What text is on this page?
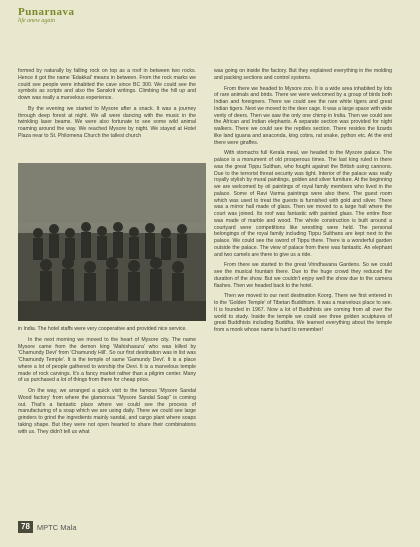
Punarnava
life anew again

formed by naturally by falling rock on top as a roof in between two rocks. Hence it got the name 'Edakkal' means in between. From the rock marks we could see people were inhabited the cave since BC 300. We could see the symbols as scripts and also the Sanskrit writings. Climbing the hill up and down was really a marvelous experience.

By the evening we started to Mysore after a snack. It was a journey through deep forest at night. We all were dancing with the music in the twinkling laser beams. We were also fortunate to see some wild animal roaming around the way. We reached Mysore by night. We stayed at Hotel Plaza near to St. Philomena Church the tallest church

in India. The hotel staffs were very cooperative and provided nice service.

In the next morning we moved to the heart of Mysore city. The name Mysore came from the demon king 'Mahishasura' who was killed by 'Chamundy Devi' from 'Chamundy Hill'. So our first destination was in list was 'Chamundy Temple'. It is the temple of same 'Gamundy Devi'. It is a place where a lot of people gathered to worship the Devi. It is a marvelous temple made of rock carvings. It's a fancy market rather than a pilgrim center. Many of us purchased a lot of things from there for cheap price.

On the way, we arranged a quick visit to the famous 'Mysore Sandal Wood factory' from where the glamorous "Mysore Sandal Soap" is coming out. That's a fantastic place where we could see the process of manufacturing of a soap which we are using daily. There we could see large grinders to grind the ingredients mainly sandal, and cargo plant where soaps taking shape. But they were not open hearted to share their combinations with us. They didn't tell us what

was going on inside the factory. But they explained everything in the molding and packing sections and control systems.

From there we headed to Mysore zoo. It is a wide area inhabited by lots of rare animals and birds. There we were welcomed by a group of birds both Indian and foreigners. There we could see the rare white tigers and great Indian tigers. Next we moved to the deer cage. It was a large space with wide verity of deers. Then we saw the only one chimp in India. Then we could see the African and Indian elephants. A separate section was provided for night walkers. There we could see the reptiles section. There resides the lizards like land iguana and anaconda, king cobra, rat snake, python etc. At the end there were giraffes.

With stomachs full Kerala meal, we headed to the Mysore palace. The palace is a monument of old prosperous times. The last king ruled in there was the great Tippu Sulthan, who fought against the British using cannons. Due to the terrorist threat security was tight. Interior of the palace was really royally stylish by mural paintings, golden and silver furniture. At the beginning we are welcomed by oil paintings of royal family members who lived in the palace. Some of Ravi Varma paintings were also there. The guest room which was used to treat the guests is furnished with gold and silver. There was a mirror hall made of glass. Then we moved to a large hall where the court was joined. Its roof was fantastic with painted glass. The entire floor was made of marble and wood. The whole construction is built around a courtyard were competitions like wrestling were held. The personal belongings of the royal family including Tippu Sulthans are kept next to the palace. We could see the sword of Tippu there. There is a wonderful garden outside the palace. The view of palace from there was fantastic. An elephant and two camels are there to give us a ride.

From there we started to the great Vrindhavana Gardens. So we could see the musical fountain there. Due to the huge crowd they reduced the duration of the show. But we couldn't enjoy well the show due to the camera flashes. Then we headed back to the hotel.

Then we moved to our next destination Koorg. There we first entered in to the 'Golden Temple' of Tibetan Buddhism. It was a marvelous place to see. It is founded in 1967. Now a lot of Buddhists are coming from all over the world to study. Inside the temple we could see three golden sculptures of great Buddhists including Buddha. We learned everything about the temple from a monk whose name is hard to remember!

78 MPTC Mala
